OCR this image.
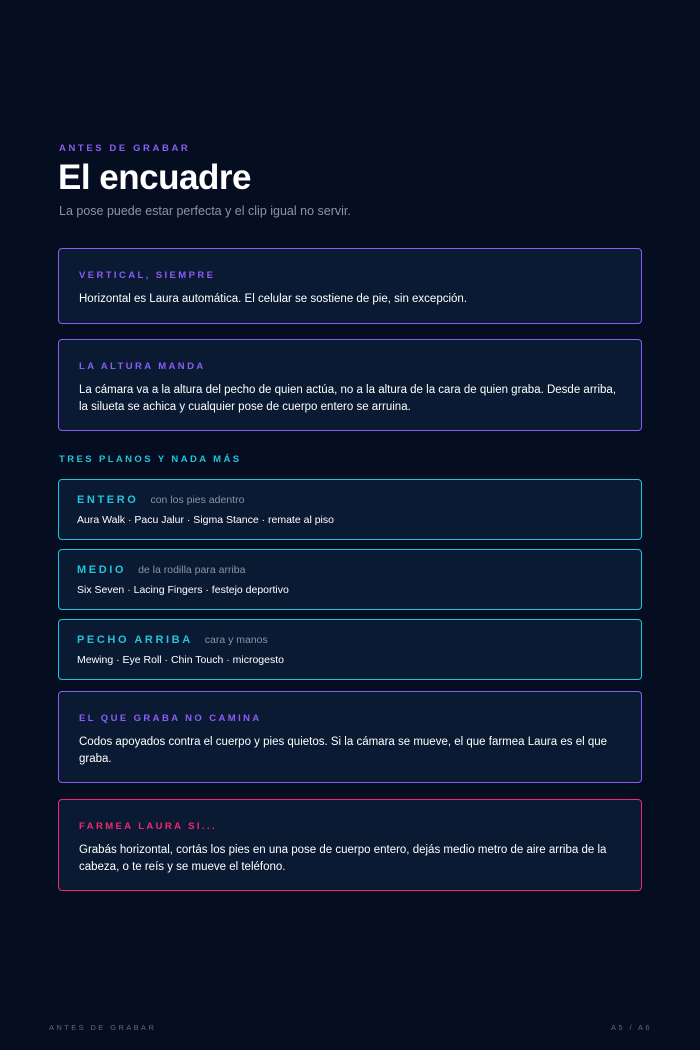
ANTES DE GRABAR
El encuadre
La pose puede estar perfecta y el clip igual no servir.
VERTICAL, SIEMPRE
Horizontal es Laura automática. El celular se sostiene de pie, sin excepción.
LA ALTURA MANDA
La cámara va a la altura del pecho de quien actúa, no a la altura de la cara de quien graba. Desde arriba, la silueta se achica y cualquier pose de cuerpo entero se arruina.
TRES PLANOS Y NADA MÁS
ENTERO con los pies adentro
Aura Walk · Pacu Jalur · Sigma Stance · remate al piso
MEDIO de la rodilla para arriba
Six Seven · Lacing Fingers · festejo deportivo
PECHO ARRIBA cara y manos
Mewing · Eye Roll · Chin Touch · microgesto
EL QUE GRABA NO CAMINA
Codos apoyados contra el cuerpo y pies quietos. Si la cámara se mueve, el que farmea Laura es el que graba.
FARMEA LAURA SI...
Grabás horizontal, cortás los pies en una pose de cuerpo entero, dejás medio metro de aire arriba de la cabeza, o te reís y se mueve el teléfono.
ANTES DE GRABAR	A5 / A6
